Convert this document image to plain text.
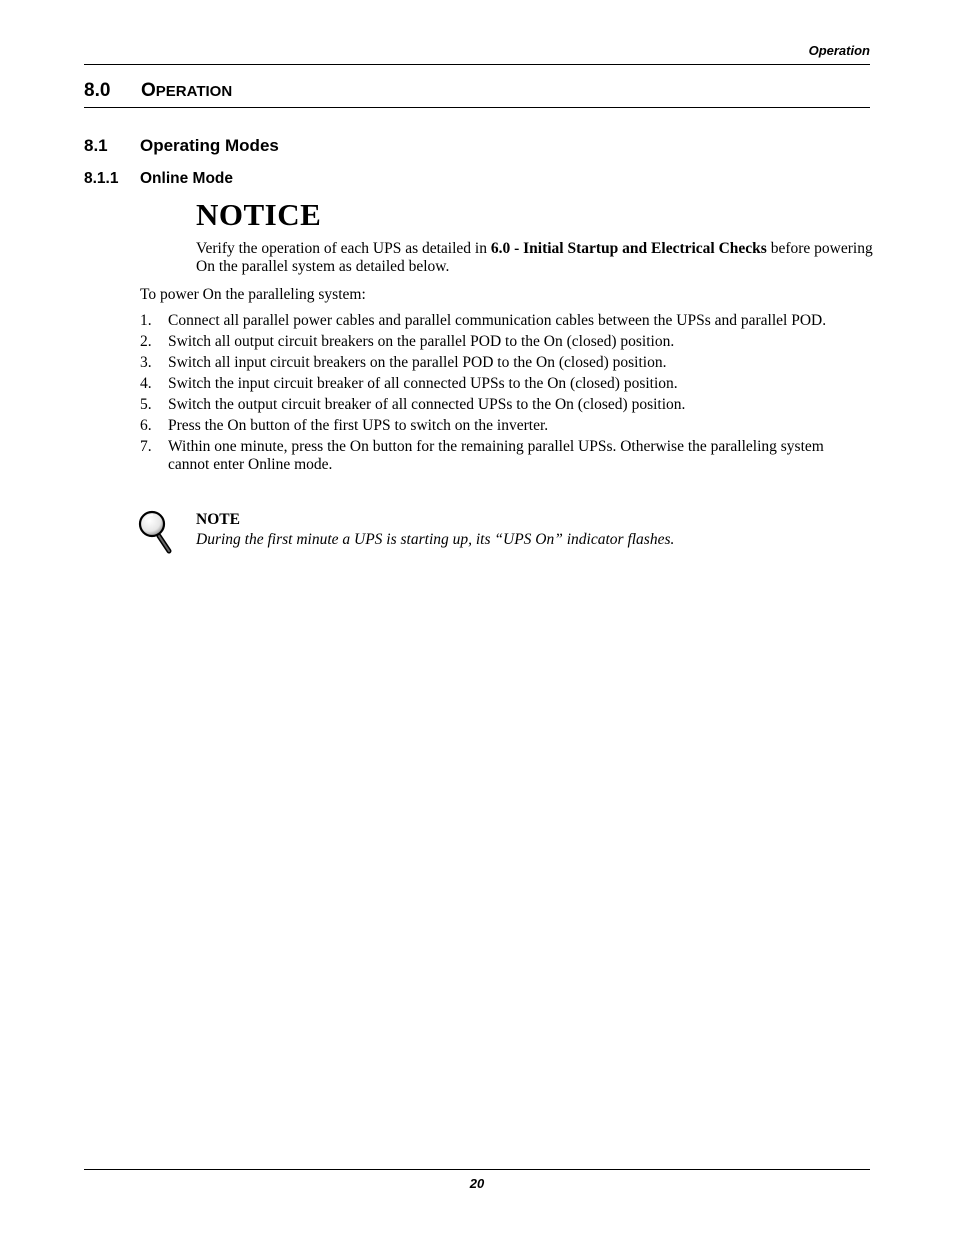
Operation
8.0 OPERATION
8.1 Operating Modes
8.1.1 Online Mode
NOTICE
Verify the operation of each UPS as detailed in 6.0 - Initial Startup and Electrical Checks before powering On the parallel system as detailed below.
To power On the paralleling system:
1. Connect all parallel power cables and parallel communication cables between the UPSs and parallel POD.
2. Switch all output circuit breakers on the parallel POD to the On (closed) position.
3. Switch all input circuit breakers on the parallel POD to the On (closed) position.
4. Switch the input circuit breaker of all connected UPSs to the On (closed) position.
5. Switch the output circuit breaker of all connected UPSs to the On (closed) position.
6. Press the On button of the first UPS to switch on the inverter.
7. Within one minute, press the On button for the remaining parallel UPSs. Otherwise the paralleling system cannot enter Online mode.
NOTE
During the first minute a UPS is starting up, its “UPS On” indicator flashes.
20
